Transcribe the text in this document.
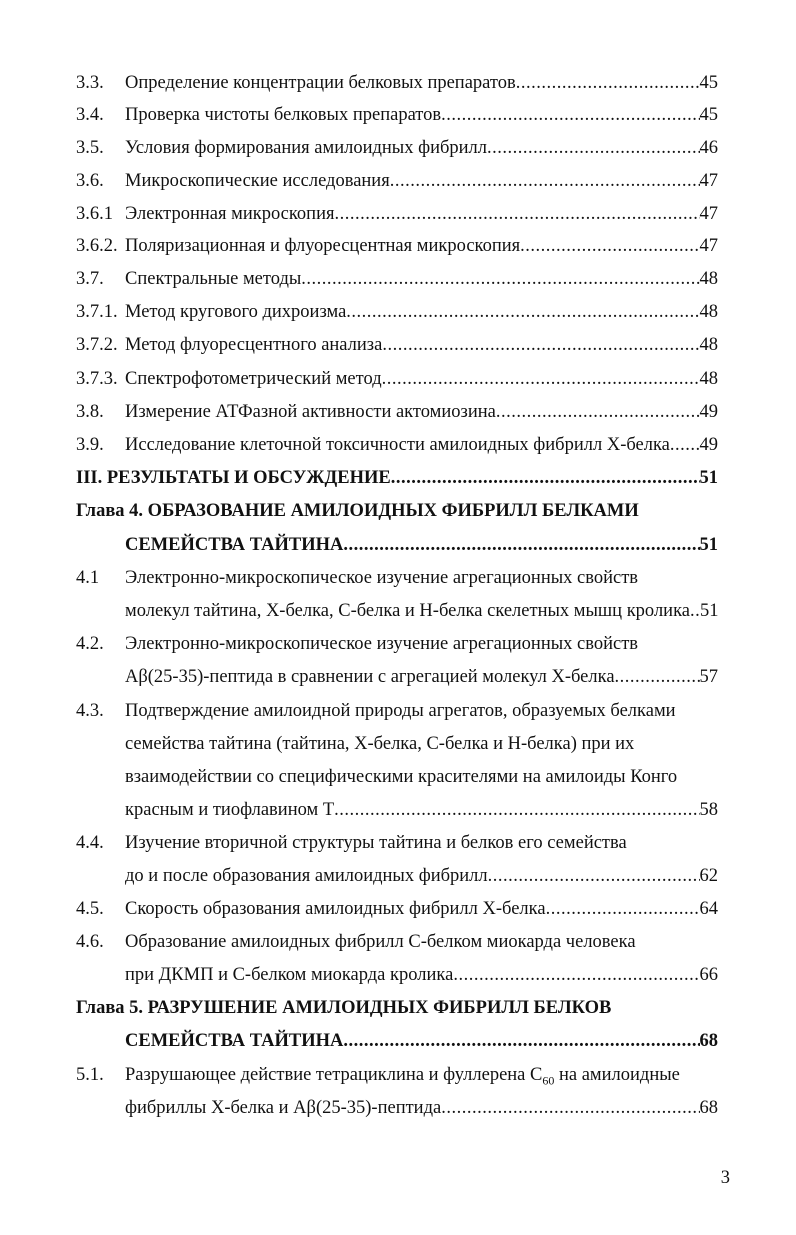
3.3. Определение концентрации белковых препаратов .....	45
3.4. Проверка чистоты белковых препаратов .....	45
3.5. Условия формирования амилоидных фибрилл .....	46
3.6. Микроскопические исследования .....	47
3.6.1 Электронная микроскопия .....	47
3.6.2. Поляризационная и флуоресцентная микроскопия .....	47
3.7. Спектральные методы .....	48
3.7.1. Метод кругового дихроизма .....	48
3.7.2. Метод флуоресцентного анализа .....	48
3.7.3. Спектрофотометрический метод .....	48
3.8. Измерение АТФазной активности актомиозина .....	49
3.9. Исследование клеточной токсичности амилоидных фибрилл Х-белка ..... 49
III. РЕЗУЛЬТАТЫ И ОБСУЖДЕНИЕ .....	51
Глава 4. ОБРАЗОВАНИЕ АМИЛОИДНЫХ ФИБРИЛЛ БЕЛКАМИ
СЕМЕЙСТВА ТАЙТИНА .....	51
4.1 Электронно-микроскопическое изучение агрегационных свойств
молекул тайтина, Х-белка, С-белка и Н-белка скелетных мышц кролика ..... 51
4.2. Электронно-микроскопическое изучение агрегационных свойств
Aβ(25-35)-пептида в сравнении с агрегацией молекул Х-белка .....	57
4.3. Подтверждение амилоидной природы агрегатов, образуемых белками
семейства тайтина (тайтина, Х-белка, С-белка и Н-белка) при их
взаимодействии со специфическими красителями на амилоиды Конго
красным и тиофлавином Т .....	58
4.4. Изучение вторичной структуры тайтина и белков его семейства
до и после образования амилоидных фибрилл .....	62
4.5. Скорость образования амилоидных фибрилл Х-белка .....	64
4.6. Образование амилоидных фибрилл С-белком миокарда человека
при ДКМП и С-белком миокарда кролика .....	66
Глава 5. РАЗРУШЕНИЕ АМИЛОИДНЫХ ФИБРИЛЛ БЕЛКОВ
СЕМЕЙСТВА ТАЙТИНА .....	68
5.1. Разрушающее действие тетрациклина и фуллерена $C_{60}$ на амилоидные
фибриллы Х-белка и Aβ(25-35)-пептида .....	68
3
